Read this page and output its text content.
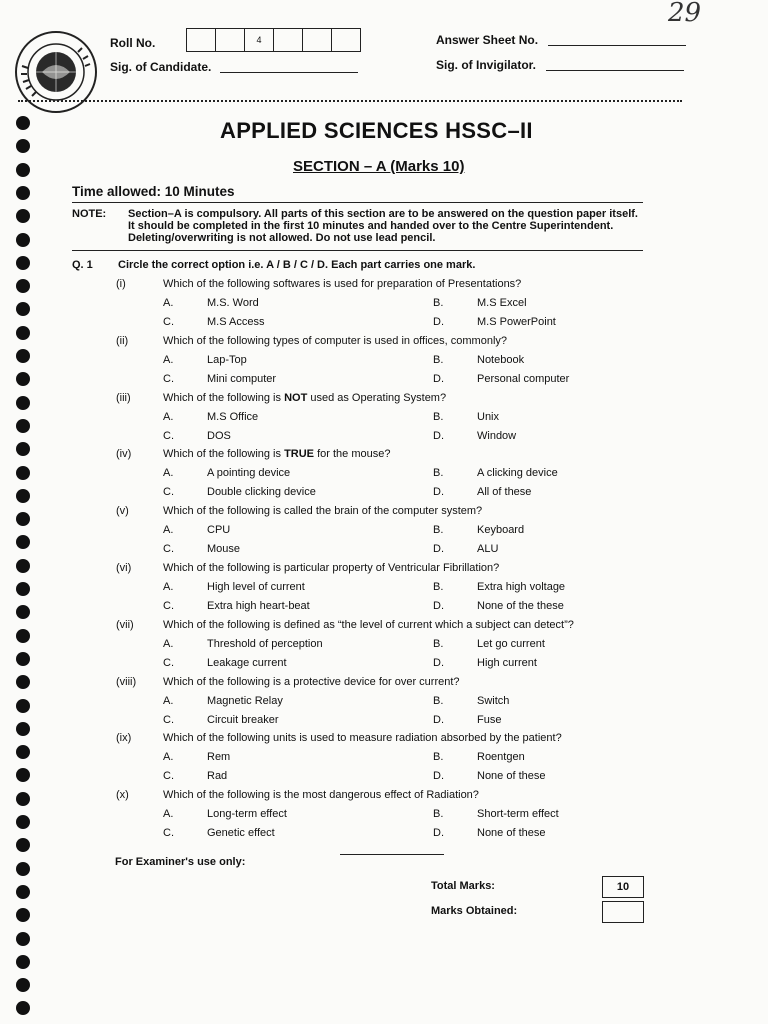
29
Roll No.	4	Answer Sheet No.
Sig. of Candidate.	Sig. of Invigilator.
APPLIED SCIENCES HSSC–II
SECTION – A (Marks 10)
Time allowed: 10 Minutes
NOTE: Section–A is compulsory. All parts of this section are to be answered on the question paper itself.
It should be completed in the first 10 minutes and handed over to the Centre Superintendent.
Deleting/overwriting is not allowed. Do not use lead pencil.
Q. 1 Circle the correct option i.e. A / B / C / D. Each part carries one mark.
(i)	Which of the following softwares is used for preparation of Presentations?
A.	M.S. Word	B.	M.S Excel
C.	M.S Access	D.	M.S PowerPoint
(ii)	Which of the following types of computer is used in offices, commonly?
A.	Lap-Top	B.	Notebook
C.	Mini computer	D.	Personal computer
(iii)	Which of the following is NOT used as Operating System?
A.	M.S Office	B.	Unix
C.	DOS	D.	Window
(iv)	Which of the following is TRUE for the mouse?
A.	A pointing device	B.	A clicking device
C.	Double clicking device	D.	All of these
(v)	Which of the following is called the brain of the computer system?
A.	CPU	B.	Keyboard
C.	Mouse	D.	ALU
(vi)	Which of the following is particular property of Ventricular Fibrillation?
A.	High level of current	B.	Extra high voltage
C.	Extra high heart-beat	D.	None of the these
(vii)	Which of the following is defined as “the level of current which a subject can detect”?
A.	Threshold of perception	B.	Let go current
C.	Leakage current	D.	High current
(viii) Which of the following is a protective device for over current?
A.	Magnetic Relay	B.	Switch
C.	Circuit breaker	D.	Fuse
(ix)	Which of the following units is used to measure radiation absorbed by the patient?
A.	Rem	B.	Roentgen
C.	Rad	D.	None of these
(x)	Which of the following is the most dangerous effect of Radiation?
A.	Long-term effect	B.	Short-term effect
C.	Genetic effect	D.	None of these
For Examiner's use only:
Total Marks:	10
Marks Obtained:
